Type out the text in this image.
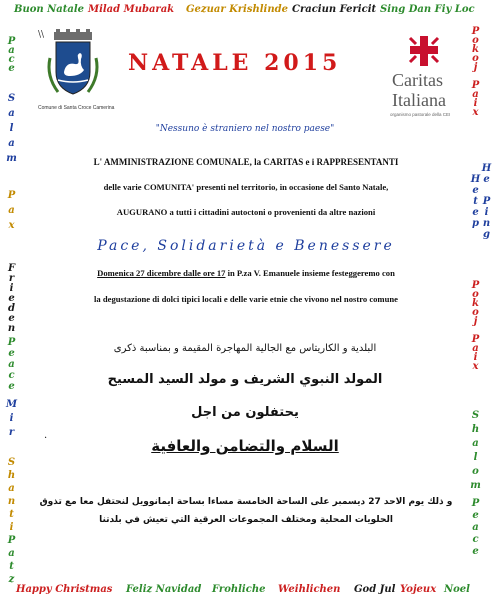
Buon Natale Milad Mubarak Gezuar Krishlinde Craciun Fericit Sing Dan Fiy Loc
Pace
Salam
Pax
Frieden
Peace
Mir
Shanti
Patz
Pokoj Paix
He Ping Hetep
Pokoj Paix
Shalom
Peace
\\
Comune di Santa Croce Camerina
NATALE 2015
Caritas
Italiana
organismo pastorale della CEI
"Nessuno è straniero nel nostro paese"
L' AMMINISTRAZIONE COMUNALE, la CARITAS e i RAPPRESENTANTI
delle varie COMUNITA' presenti nel territorio, in occasione del Santo Natale,
AUGURANO a tutti i cittadini autoctoni o provenienti da altre nazioni
Pace, Solidarietà e Benessere
Domenica 27 dicembre dalle ore 17 in P.za V. Emanuele insieme festeggeremo con
la degustazione di dolci tipici locali e delle varie etnie che vivono nel nostro comune
البلدية و الكاريتاس مع الجالية المهاجرة المقيمة و بمناسبة ذكرى
المولد النبوي الشريف و مولد السيد المسيح
يحتفلون من اجل
.
السلام والتضامن والعافية
و ذلك يوم الاحد 27 ديسمبر على الساحة الخامسة مساءا بساحة ايمانوويل لنحتفل معا مع تذوق
الحلويات المحلية ومختلف المجموعات العرقية التي تعيش في بلدتنا
Happy Christmas Feliz Navidad Frohliche Weihlichen God Jul Yojeux Noel
